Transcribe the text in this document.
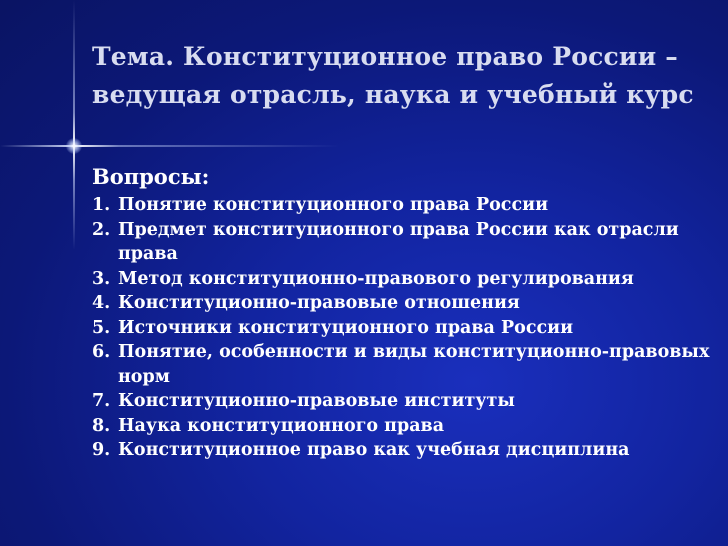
Тема. Конституционное право России –
ведущая отрасль, наука и учебный курс
Вопросы:
1. Понятие конституционного права России
2. Предмет конституционного права России как отрасли права
3. Метод конституционно-правового регулирования
4. Конституционно-правовые отношения
5. Источники конституционного права России
6. Понятие, особенности и виды конституционно-правовых норм
7. Конституционно-правовые институты
8. Наука конституционного права
9. Конституционное право как учебная дисциплина
